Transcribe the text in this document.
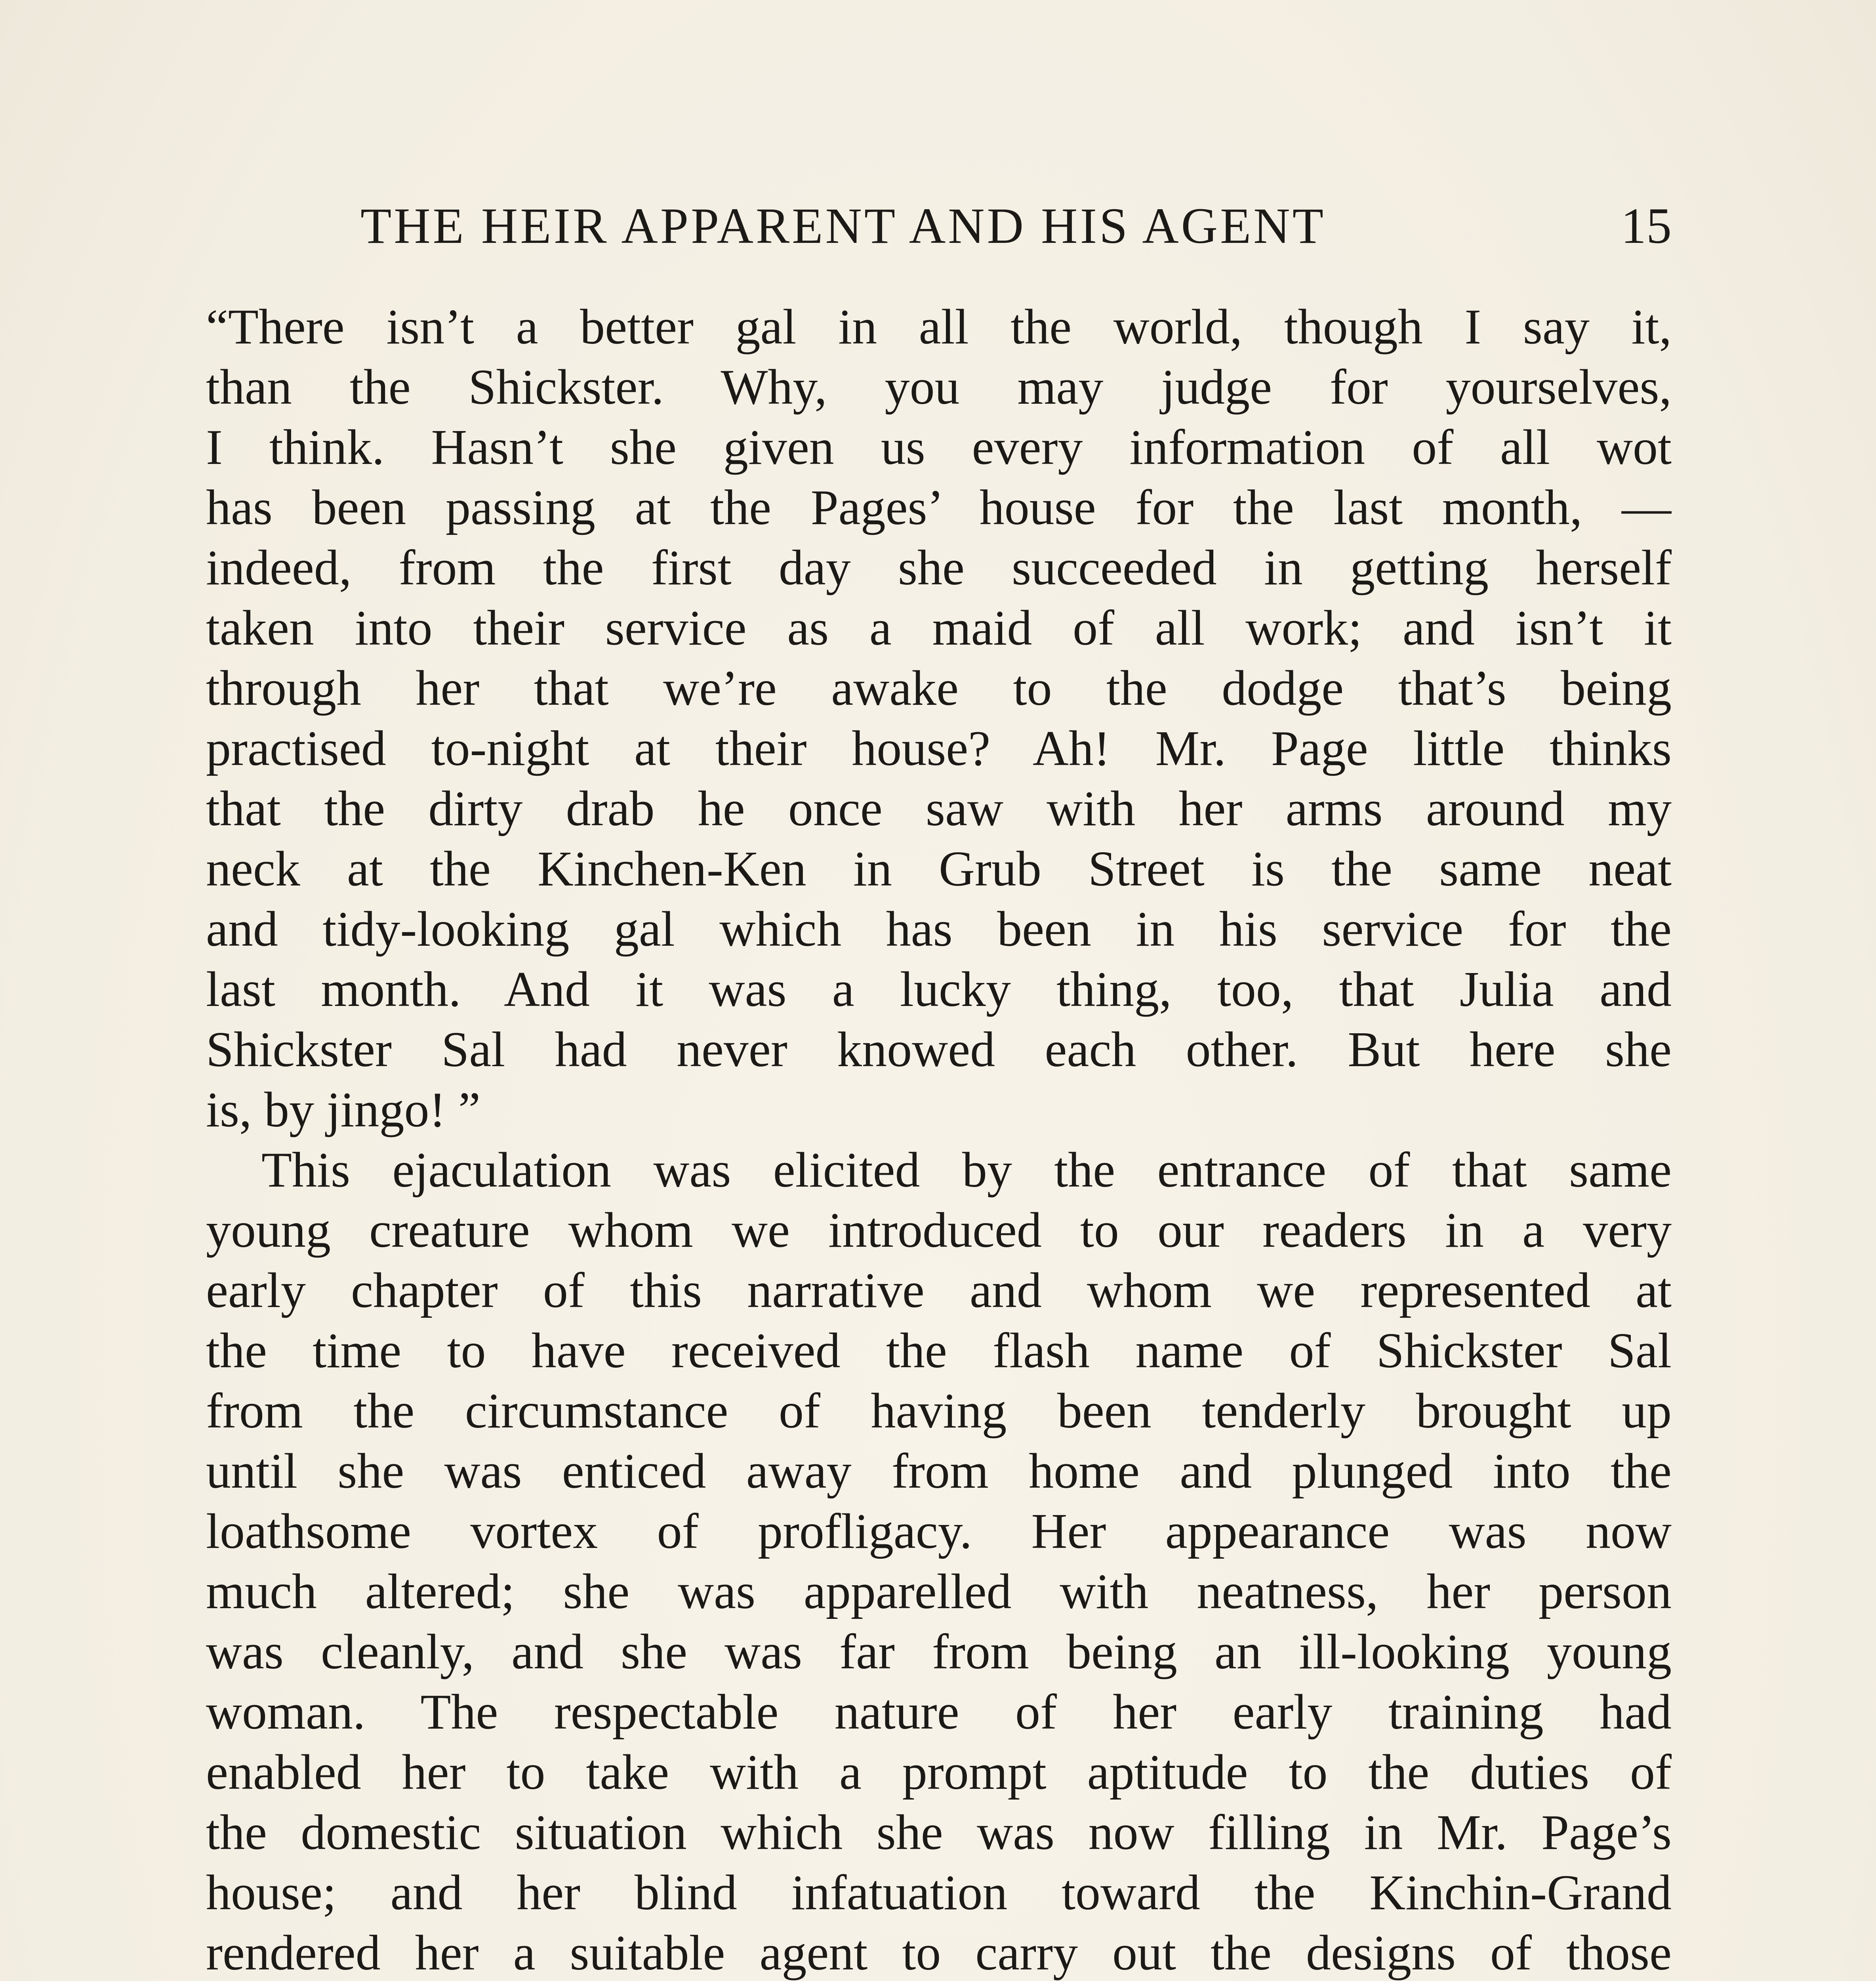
THE HEIR APPARENT AND HIS AGENT	15
“There isn’t a better gal in all the world, though I say it,
than the Shickster. Why, you may judge for yourselves,
I think. Hasn’t she given us every information of all wot
has been passing at the Pages’ house for the last month, —
indeed, from the first day she succeeded in getting herself
taken into their service as a maid of all work; and isn’t it
through her that we’re awake to the dodge that’s being
practised to-night at their house? Ah! Mr. Page little thinks
that the dirty drab he once saw with her arms around my
neck at the Kinchen-Ken in Grub Street is the same neat
and tidy-looking gal which has been in his service for the
last month. And it was a lucky thing, too, that Julia and
Shickster Sal had never knowed each other. But here she
is, by jingo! ”
This ejaculation was elicited by the entrance of that same
young creature whom we introduced to our readers in a very
early chapter of this narrative and whom we represented at
the time to have received the flash name of Shickster Sal
from the circumstance of having been tenderly brought up
until she was enticed away from home and plunged into the
loathsome vortex of profligacy. Her appearance was now
much altered; she was apparelled with neatness, her person
was cleanly, and she was far from being an ill-looking young
woman. The respectable nature of her early training had
enabled her to take with a prompt aptitude to the duties of
the domestic situation which she was now filling in Mr. Page’s
house; and her blind infatuation toward the Kinchin-Grand
rendered her a suitable agent to carry out the designs of those
